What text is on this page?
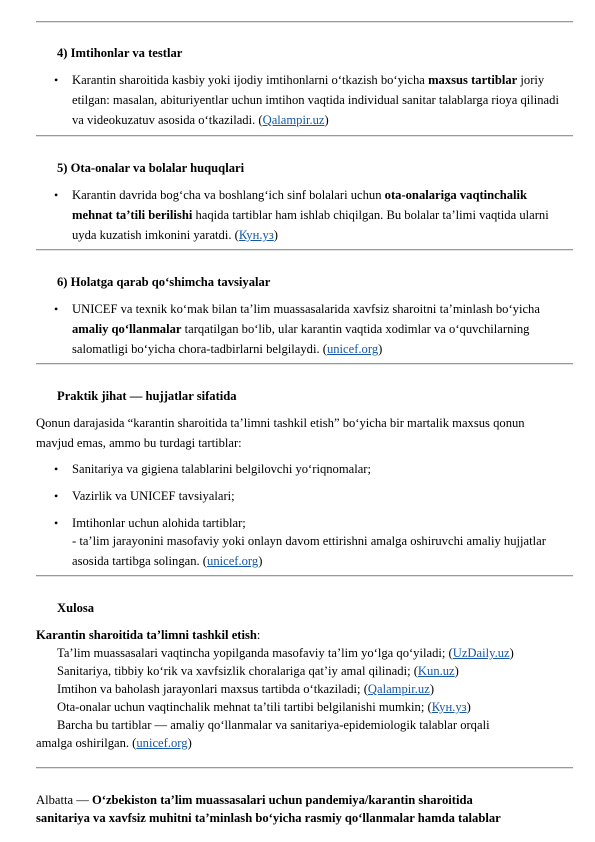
4) Imtihonlar va testlar
•	Karantin sharoitida kasbiy yoki ijodiy imtihonlarni o‘tkazish bo‘yicha maxsus tartiblar joriy etilgan: masalan, abituriyentlar uchun imtihon vaqtida individual sanitar talablarga rioya qilinadi va videokuzatuv asosida o‘tkaziladi. (Qalampir.uz)
5) Ota-onalar va bolalar huquqlari
•	Karantin davrida bog‘cha va boshlang‘ich sinf bolalari uchun ota-onalariga vaqtinchalik mehnat ta’tili berilishi haqida tartiblar ham ishlab chiqilgan. Bu bolalar ta’limi vaqtida ularni uyda kuzatish imkonini yaratdi. (Кун.уз)
6) Holatga qarab qo‘shimcha tavsiyalar
•	UNICEF va texnik ko‘mak bilan ta’lim muassasalarida xavfsiz sharoitni ta’minlash bo‘yicha amaliy qo‘llanmalar tarqatilgan bo‘lib, ular karantin vaqtida xodimlar va o‘quvchilarning salomatligi bo‘yicha chora-tadbirlarni belgilaydi. (unicef.org)
Praktik jihat — hujjatlar sifatida
Qonun darajasida “karantin sharoitida ta’limni tashkil etish” bo‘yicha bir martalik maxsus qonun mavjud emas, ammo bu turdagi tartiblar:
•	Sanitariya va gigiena talablarini belgilovchi yo‘riqnomalar;
•	Vazirlik va UNICEF tavsiyalari;
•	Imtihonlar uchun alohida tartiblar;
- ta’lim jarayonini masofaviy yoki onlayn davom ettirishni amalga oshiruvchi amaliy hujjatlar asosida tartibga solingan. (unicef.org)
Xulosa
Karantin sharoitida ta’limni tashkil etish:
Ta’lim muassasalari vaqtincha yopilganda masofaviy ta’lim yo‘lga qo‘yiladi; (UzDaily.uz)
Sanitariya, tibbiy ko‘rik va xavfsizlik choralariga qat’iy amal qilinadi; (Kun.uz)
Imtihon va baholash jarayonlari maxsus tartibda o‘tkaziladi; (Qalampir.uz)
Ota-onalar uchun vaqtinchalik mehnat ta’tili tartibi belgilanishi mumkin; (Кун.уз)
Barcha bu tartiblar — amaliy qo‘llanmalar va sanitariya-epidemiologik talablar orqali
amalga oshirilgan. (unicef.org)
Albatta — O‘zbekiston ta’lim muassasalari uchun pandemiya/karantin sharoitida
sanitariya va xavfsiz muhitni ta’minlash bo‘yicha rasmiy qo‘llanmalar hamda talablar
